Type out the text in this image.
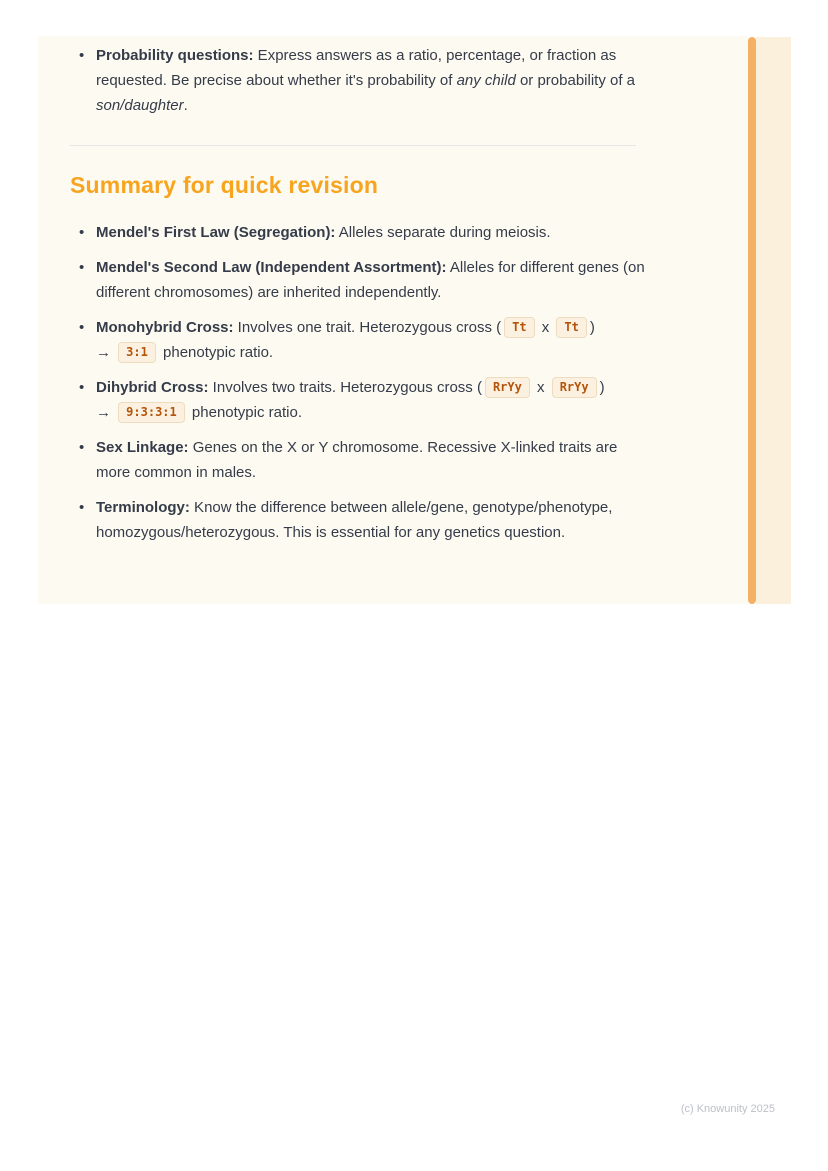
• Probability questions: Express answers as a ratio, percentage, or fraction as requested. Be precise about whether it's probability of any child or probability of a son/daughter.
Summary for quick revision
• Mendel's First Law (Segregation): Alleles separate during meiosis.
• Mendel's Second Law (Independent Assortment): Alleles for different genes (on different chromosomes) are inherited independently.
• Monohybrid Cross: Involves one trait. Heterozygous cross ( Tt x Tt )
→ 3:1 phenotypic ratio.
• Dihybrid Cross: Involves two traits. Heterozygous cross ( RrYy x RrYy )
→ 9:3:3:1 phenotypic ratio.
• Sex Linkage: Genes on the X or Y chromosome. Recessive X-linked traits are more common in males.
• Terminology: Know the difference between allele/gene, genotype/phenotype, homozygous/heterozygous. This is essential for any genetics question.
(c) Knowunity 2025
